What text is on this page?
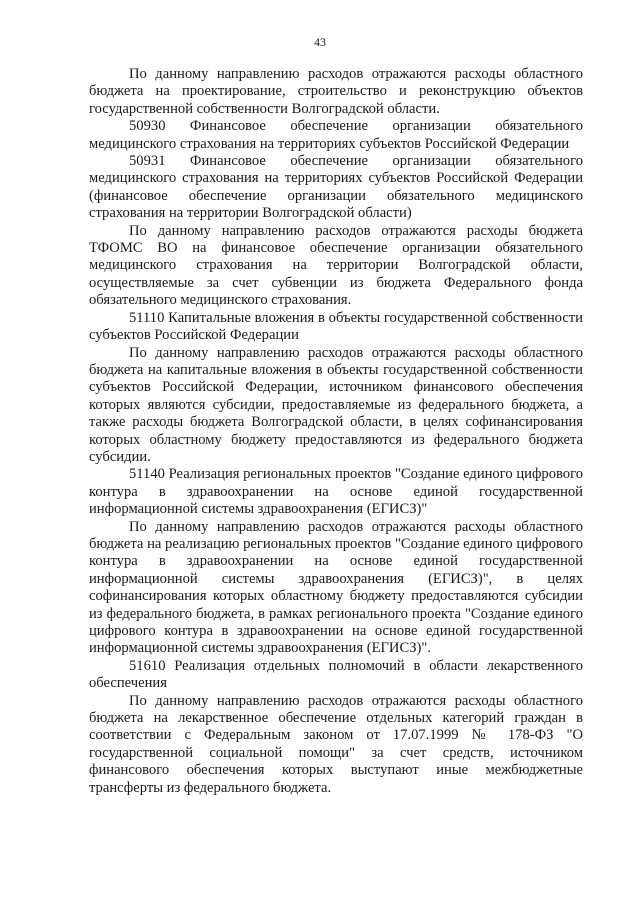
43

По данному направлению расходов отражаются расходы областного бюджета на проектирование, строительство и реконструкцию объектов государственной собственности Волгоградской области.

50930 Финансовое обеспечение организации обязательного медицинского страхования на территориях субъектов Российской Федерации

50931 Финансовое обеспечение организации обязательного медицинского страхования на территориях субъектов Российской Федерации (финансовое обеспечение организации обязательного медицинского страхования на территории Волгоградской области)

По данному направлению расходов отражаются расходы бюджета ТФОМС ВО на финансовое обеспечение организации обязательного медицинского страхования на территории Волгоградской области, осуществляемые за счет субвенции из бюджета Федерального фонда обязательного медицинского страхования.

51110 Капитальные вложения в объекты государственной собственности субъектов Российской Федерации

По данному направлению расходов отражаются расходы областного бюджета на капитальные вложения в объекты государственной собственности субъектов Российской Федерации, источником финансового обеспечения которых являются субсидии, предоставляемые из федерального бюджета, а также расходы бюджета Волгоградской области, в целях софинансирования которых областному бюджету предоставляются из федерального бюджета субсидии.

51140 Реализация региональных проектов "Создание единого цифрового контура в здравоохранении на основе единой государственной информационной системы здравоохранения (ЕГИСЗ)"

По данному направлению расходов отражаются расходы областного бюджета на реализацию региональных проектов "Создание единого цифрового контура в здравоохранении на основе единой государственной информационной системы здравоохранения (ЕГИСЗ)", в целях софинансирования которых областному бюджету предоставляются субсидии из федерального бюджета, в рамках регионального проекта "Создание единого цифрового контура в здравоохранении на основе единой государственной информационной системы здравоохранения (ЕГИСЗ)".

51610 Реализация отдельных полномочий в области лекарственного обеспечения

По данному направлению расходов отражаются расходы областного бюджета на лекарственное обеспечение отдельных категорий граждан в соответствии с Федеральным законом от 17.07.1999 № 178-ФЗ "О государственной социальной помощи" за счет средств, источником финансового обеспечения которых выступают иные межбюджетные трансферты из федерального бюджета.
